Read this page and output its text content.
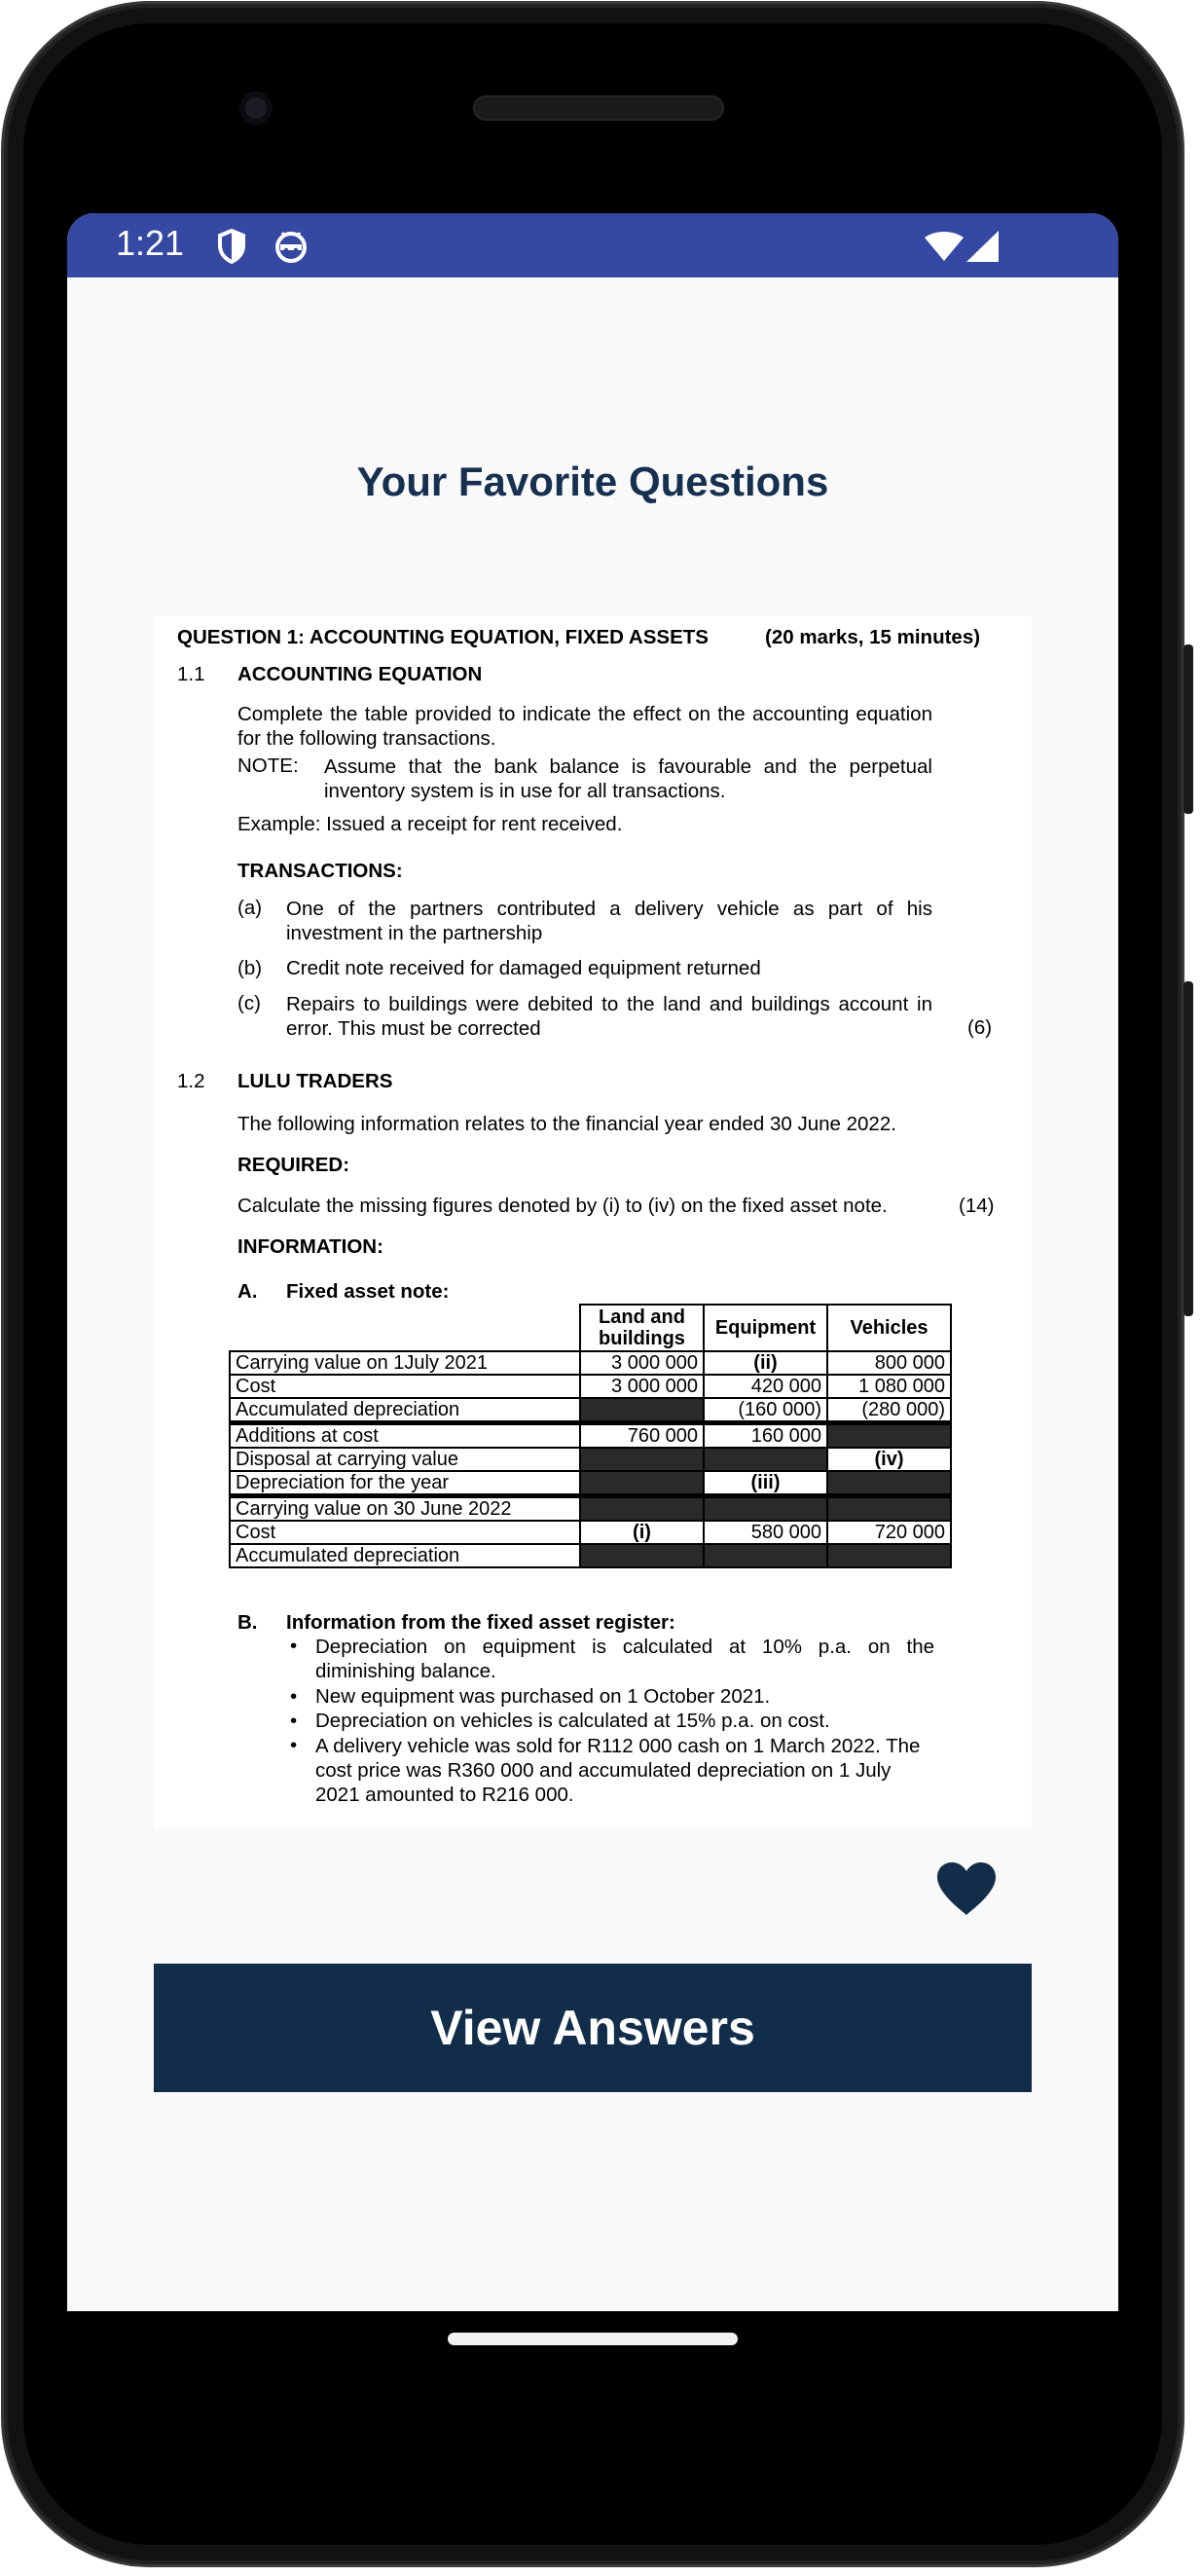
1:21
Your Favorite Questions
QUESTION 1: ACCOUNTING EQUATION, FIXED ASSETS	(20 marks, 15 minutes)
1.1 ACCOUNTING EQUATION
Complete the table provided to indicate the effect on the accounting equation for the following transactions.
NOTE: Assume that the bank balance is favourable and the perpetual inventory system is in use for all transactions.
Example: Issued a receipt for rent received.
TRANSACTIONS:
(a) One of the partners contributed a delivery vehicle as part of his investment in the partnership
(b) Credit note received for damaged equipment returned
(c) Repairs to buildings were debited to the land and buildings account in error. This must be corrected	(6)
1.2 LULU TRADERS
The following information relates to the financial year ended 30 June 2022.
REQUIRED:
Calculate the missing figures denoted by (i) to (iv) on the fixed asset note.	(14)
INFORMATION:
A. Fixed asset note:
	Land and buildings	Equipment	Vehicles
Carrying value on 1July 2021	3 000 000	(ii)	800 000
Cost	3 000 000	420 000	1 080 000
Accumulated depreciation		(160 000)	(280 000)
Additions at cost	760 000	160 000	
Disposal at carrying value			(iv)
Depreciation for the year		(iii)	
Carrying value on 30 June 2022			
Cost	(i)	580 000	720 000
Accumulated depreciation			
B. Information from the fixed asset register:
• Depreciation on equipment is calculated at 10% p.a. on the diminishing balance.
• New equipment was purchased on 1 October 2021.
• Depreciation on vehicles is calculated at 15% p.a. on cost.
• A delivery vehicle was sold for R112 000 cash on 1 March 2022. The cost price was R360 000 and accumulated depreciation on 1 July 2021 amounted to R216 000.
View Answers
